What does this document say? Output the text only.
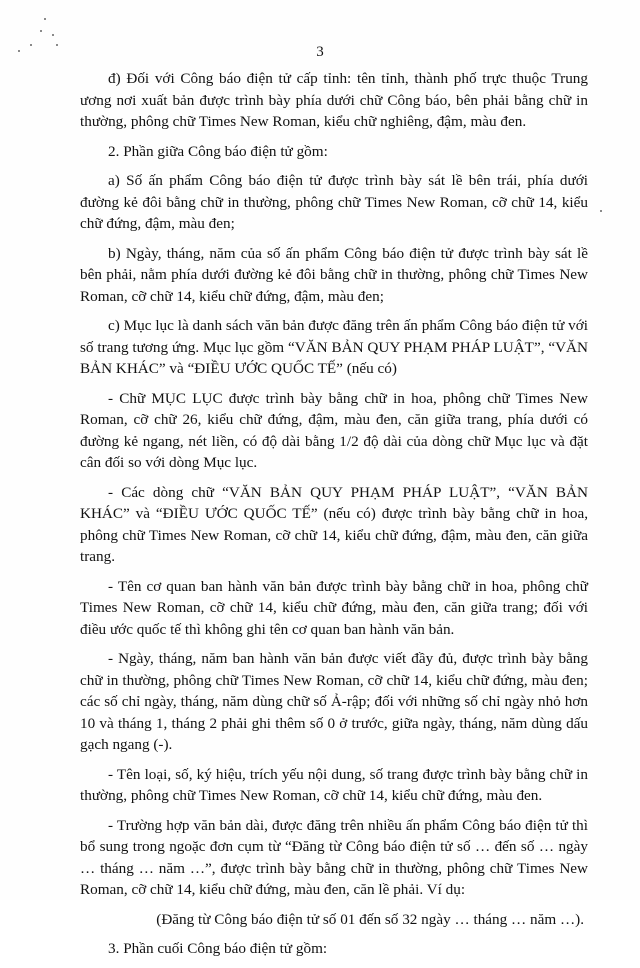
3

đ) Đối với Công báo điện tử cấp tỉnh: tên tỉnh, thành phố trực thuộc Trung ương nơi xuất bản được trình bày phía dưới chữ Công báo, bên phải bằng chữ in thường, phông chữ Times New Roman, kiểu chữ nghiêng, đậm, màu đen.

2. Phần giữa Công báo điện tử gồm:

a) Số ấn phẩm Công báo điện tử được trình bày sát lề bên trái, phía dưới đường kẻ đôi bằng chữ in thường, phông chữ Times New Roman, cỡ chữ 14, kiểu chữ đứng, đậm, màu đen;

b) Ngày, tháng, năm của số ấn phẩm Công báo điện tử được trình bày sát lề bên phải, nằm phía dưới đường kẻ đôi bằng chữ in thường, phông chữ Times New Roman, cỡ chữ 14, kiểu chữ đứng, đậm, màu đen;

c) Mục lục là danh sách văn bản được đăng trên ấn phẩm Công báo điện tử với số trang tương ứng. Mục lục gồm “VĂN BẢN QUY PHẠM PHÁP LUẬT”, “VĂN BẢN KHÁC” và “ĐIỀU ƯỚC QUỐC TẾ” (nếu có)

- Chữ MỤC LỤC được trình bày bằng chữ in hoa, phông chữ Times New Roman, cỡ chữ 26, kiểu chữ đứng, đậm, màu đen, căn giữa trang, phía dưới có đường kẻ ngang, nét liền, có độ dài bằng 1/2 độ dài của dòng chữ Mục lục và đặt cân đối so với dòng Mục lục.

- Các dòng chữ “VĂN BẢN QUY PHẠM PHÁP LUẬT”, “VĂN BẢN KHÁC” và “ĐIỀU ƯỚC QUỐC TẾ” (nếu có) được trình bày bằng chữ in hoa, phông chữ Times New Roman, cỡ chữ 14, kiểu chữ đứng, đậm, màu đen, căn giữa trang.

- Tên cơ quan ban hành văn bản được trình bày bằng chữ in hoa, phông chữ Times New Roman, cỡ chữ 14, kiểu chữ đứng, màu đen, căn giữa trang; đối với điều ước quốc tế thì không ghi tên cơ quan ban hành văn bản.

- Ngày, tháng, năm ban hành văn bản được viết đầy đủ, được trình bày bằng chữ in thường, phông chữ Times New Roman, cỡ chữ 14, kiểu chữ đứng, màu đen; các số chỉ ngày, tháng, năm dùng chữ số Ả-rập; đối với những số chỉ ngày nhỏ hơn 10 và tháng 1, tháng 2 phải ghi thêm số 0 ở trước, giữa ngày, tháng, năm dùng dấu gạch ngang (-).

- Tên loại, số, ký hiệu, trích yếu nội dung, số trang được trình bày bằng chữ in thường, phông chữ Times New Roman, cỡ chữ 14, kiểu chữ đứng, màu đen.

- Trường hợp văn bản dài, được đăng trên nhiều ấn phẩm Công báo điện tử thì bổ sung trong ngoặc đơn cụm từ “Đăng từ Công báo điện tử số … đến số … ngày … tháng … năm …”, được trình bày bằng chữ in thường, phông chữ Times New Roman, cỡ chữ 14, kiểu chữ đứng, màu đen, căn lề phải. Ví dụ:

(Đăng từ Công báo điện tử số 01 đến số 32 ngày … tháng … năm …).

3. Phần cuối Công báo điện tử gồm:
